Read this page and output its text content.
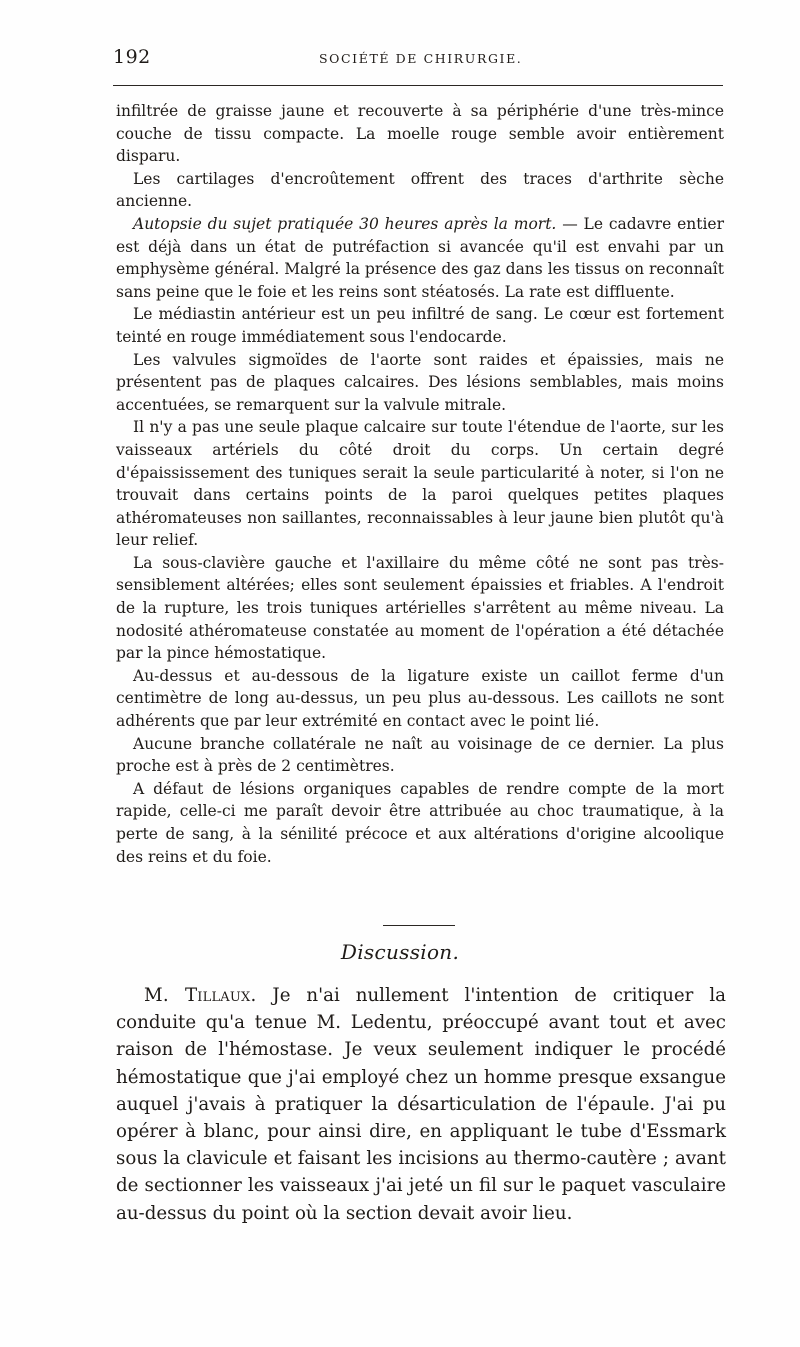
192	SOCIÉTÉ DE CHIRURGIE.

infiltrée de graisse jaune et recouverte à sa périphérie d'une très-mince couche de tissu compacte. La moelle rouge semble avoir entièrement disparu.

Les cartilages d'encroûtement offrent des traces d'arthrite sèche ancienne.

Autopsie du sujet pratiquée 30 heures après la mort. — Le cadavre entier est déjà dans un état de putréfaction si avancée qu'il est envahi par un emphysème général. Malgré la présence des gaz dans les tissus on reconnaît sans peine que le foie et les reins sont stéatosés. La rate est diffluente.

Le médiastin antérieur est un peu infiltré de sang. Le cœur est fortement teinté en rouge immédiatement sous l'endocarde.

Les valvules sigmoïdes de l'aorte sont raides et épaissies, mais ne présentent pas de plaques calcaires. Des lésions semblables, mais moins accentuées, se remarquent sur la valvule mitrale.

Il n'y a pas une seule plaque calcaire sur toute l'étendue de l'aorte, sur les vaisseaux artériels du côté droit du corps. Un certain degré d'épaississement des tuniques serait la seule particularité à noter, si l'on ne trouvait dans certains points de la paroi quelques petites plaques athéromateuses non saillantes, reconnaissables à leur jaune bien plutôt qu'à leur relief.

La sous-clavière gauche et l'axillaire du même côté ne sont pas très-sensiblement altérées; elles sont seulement épaissies et friables. A l'endroit de la rupture, les trois tuniques artérielles s'arrêtent au même niveau. La nodosité athéromateuse constatée au moment de l'opération a été détachée par la pince hémostatique.

Au-dessus et au-dessous de la ligature existe un caillot ferme d'un centimètre de long au-dessus, un peu plus au-dessous. Les caillots ne sont adhérents que par leur extrémité en contact avec le point lié.

Aucune branche collatérale ne naît au voisinage de ce dernier. La plus proche est à près de 2 centimètres.

A défaut de lésions organiques capables de rendre compte de la mort rapide, celle-ci me paraît devoir être attribuée au choc traumatique, à la perte de sang, à la sénilité précoce et aux altérations d'origine alcoolique des reins et du foie.

Discussion.

M. Tillaux. Je n'ai nullement l'intention de critiquer la conduite qu'a tenue M. Ledentu, préoccupé avant tout et avec raison de l'hémostase. Je veux seulement indiquer le procédé hémostatique que j'ai employé chez un homme presque exsangue auquel j'avais à pratiquer la désarticulation de l'épaule. J'ai pu opérer à blanc, pour ainsi dire, en appliquant le tube d'Essmark sous la clavicule et faisant les incisions au thermo-cautère ; avant de sectionner les vaisseaux j'ai jeté un fil sur le paquet vasculaire au-dessus du point où la section devait avoir lieu.
